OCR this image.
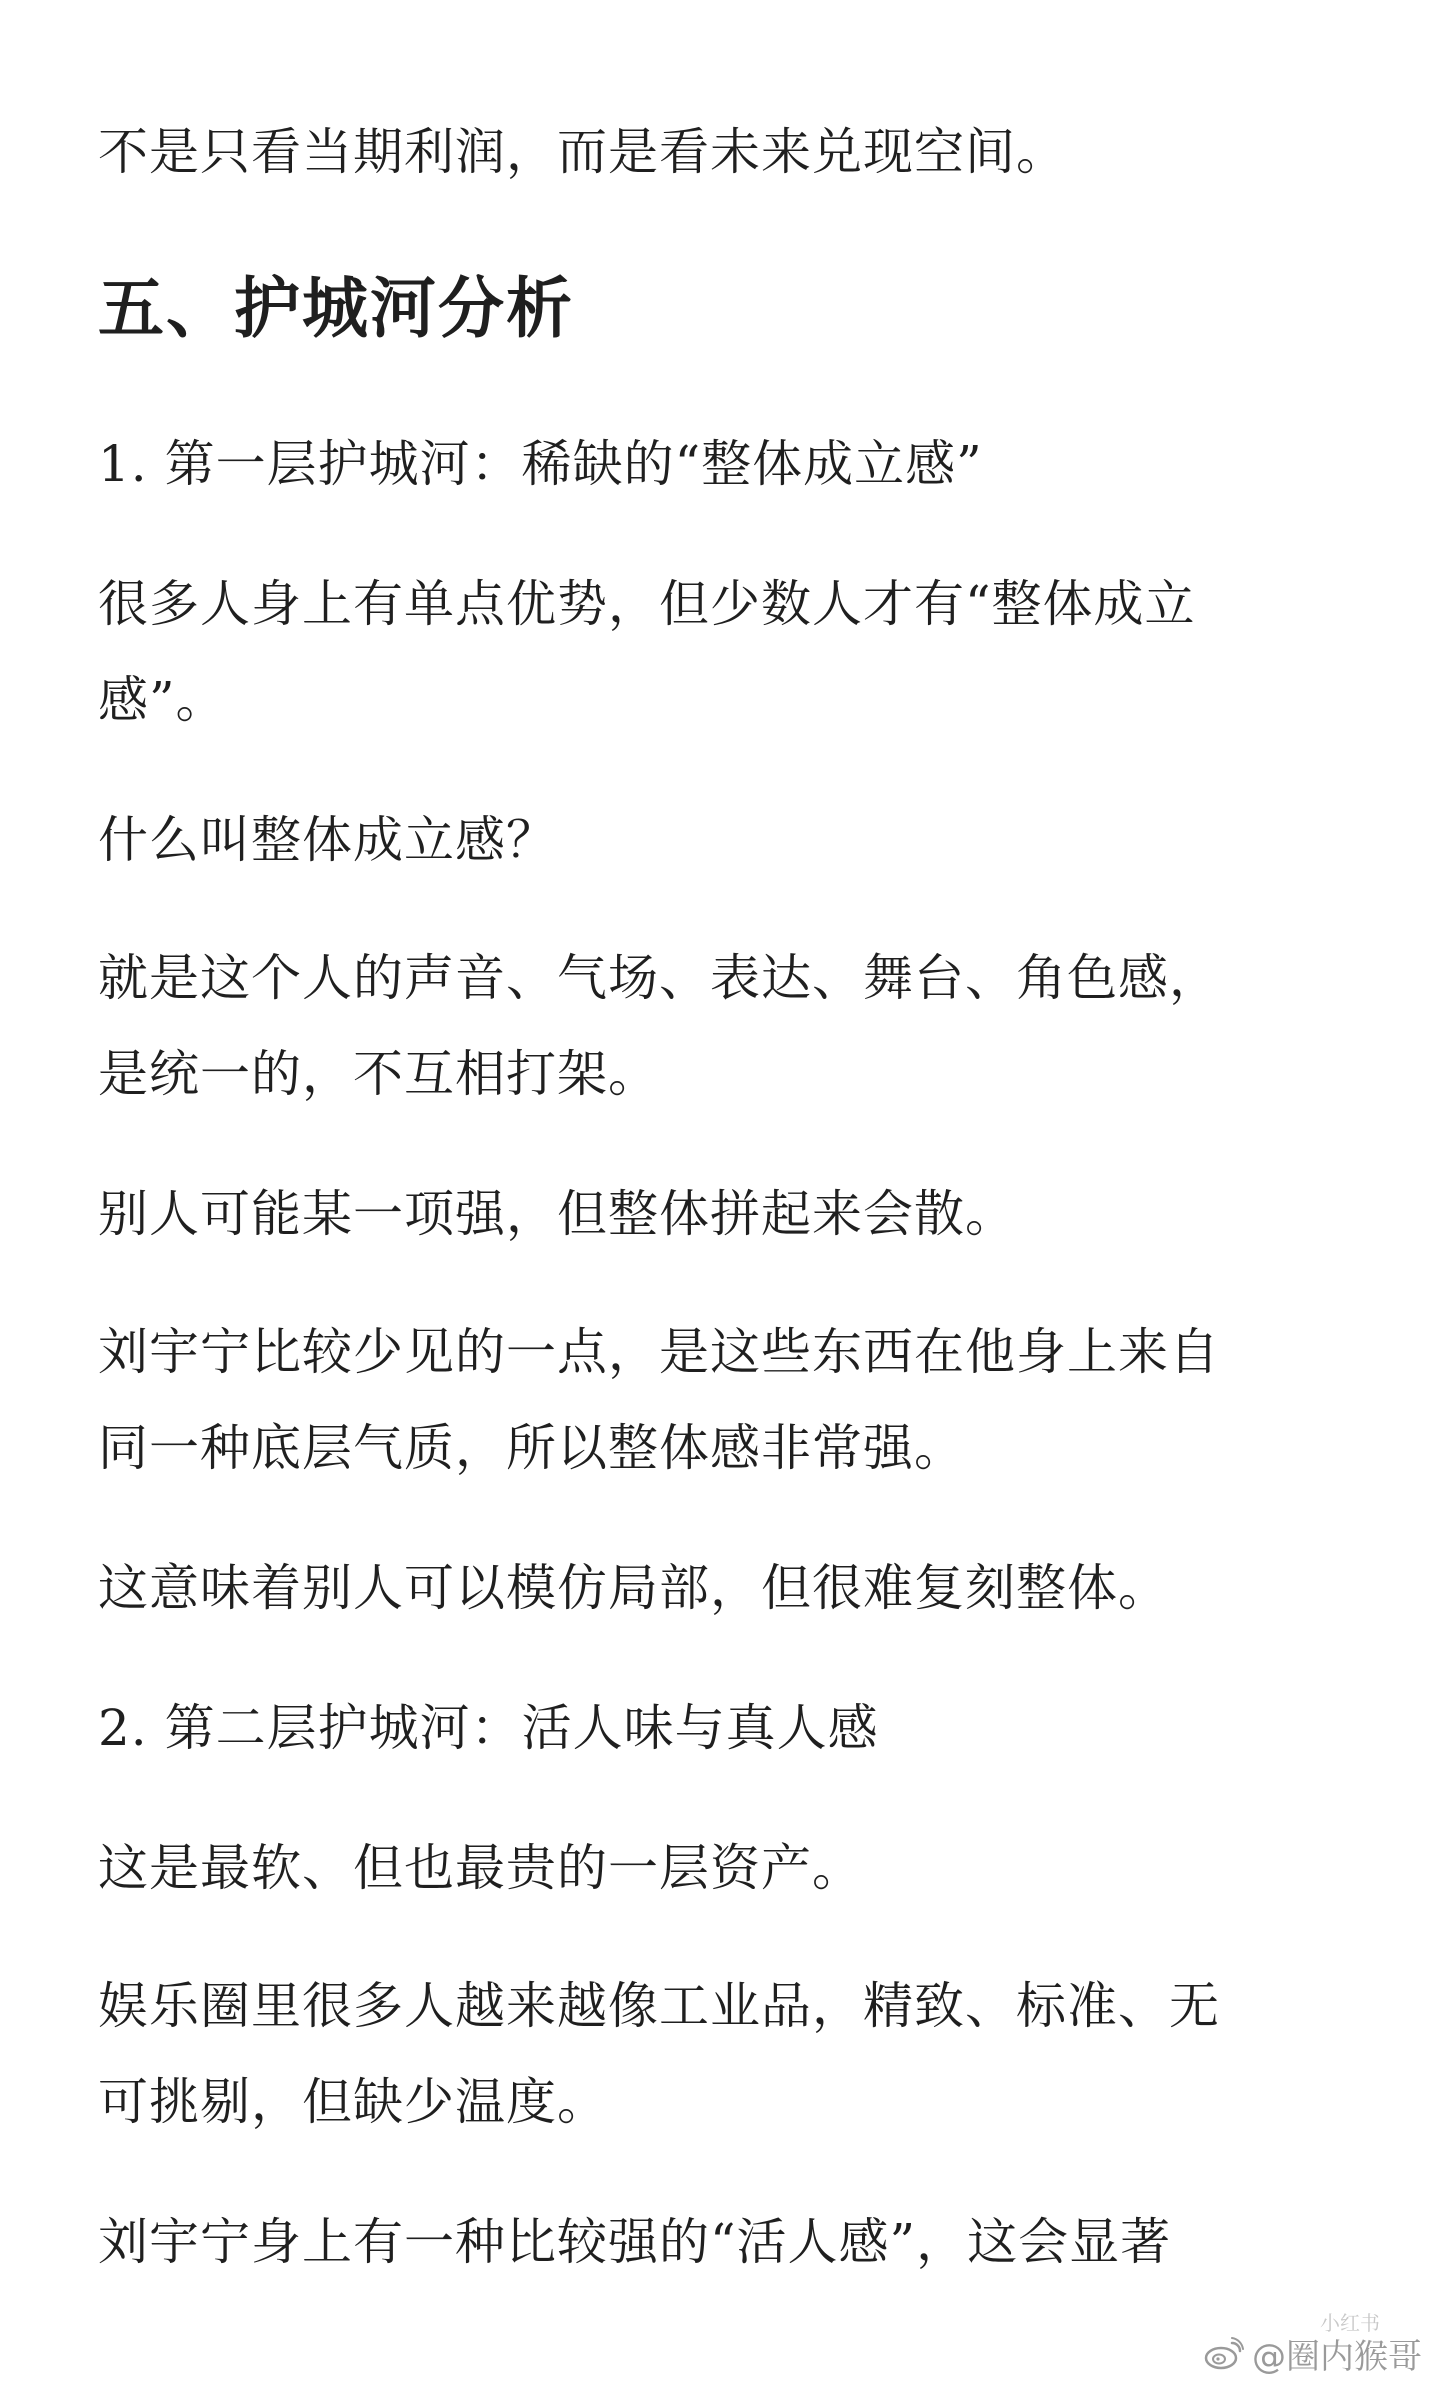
不是只看当期利润，而是看未来兑现空间。

五、护城河分析

1. 第一层护城河：稀缺的“整体成立感”

很多人身上有单点优势，但少数人才有“整体成立

感”。

什么叫整体成立感？

就是这个人的声音、气场、表达、舞台、角色感，

是统一的，不互相打架。

别人可能某一项强，但整体拼起来会散。

刘宇宁比较少见的一点，是这些东西在他身上来自

同一种底层气质，所以整体感非常强。

这意味着别人可以模仿局部，但很难复刻整体。

2. 第二层护城河：活人味与真人感

这是最软、但也最贵的一层资产。

娱乐圈里很多人越来越像工业品，精致、标准、无

可挑剔，但缺少温度。

刘宇宁身上有一种比较强的“活人感”，这会显著

小红书
@圈内猴哥
